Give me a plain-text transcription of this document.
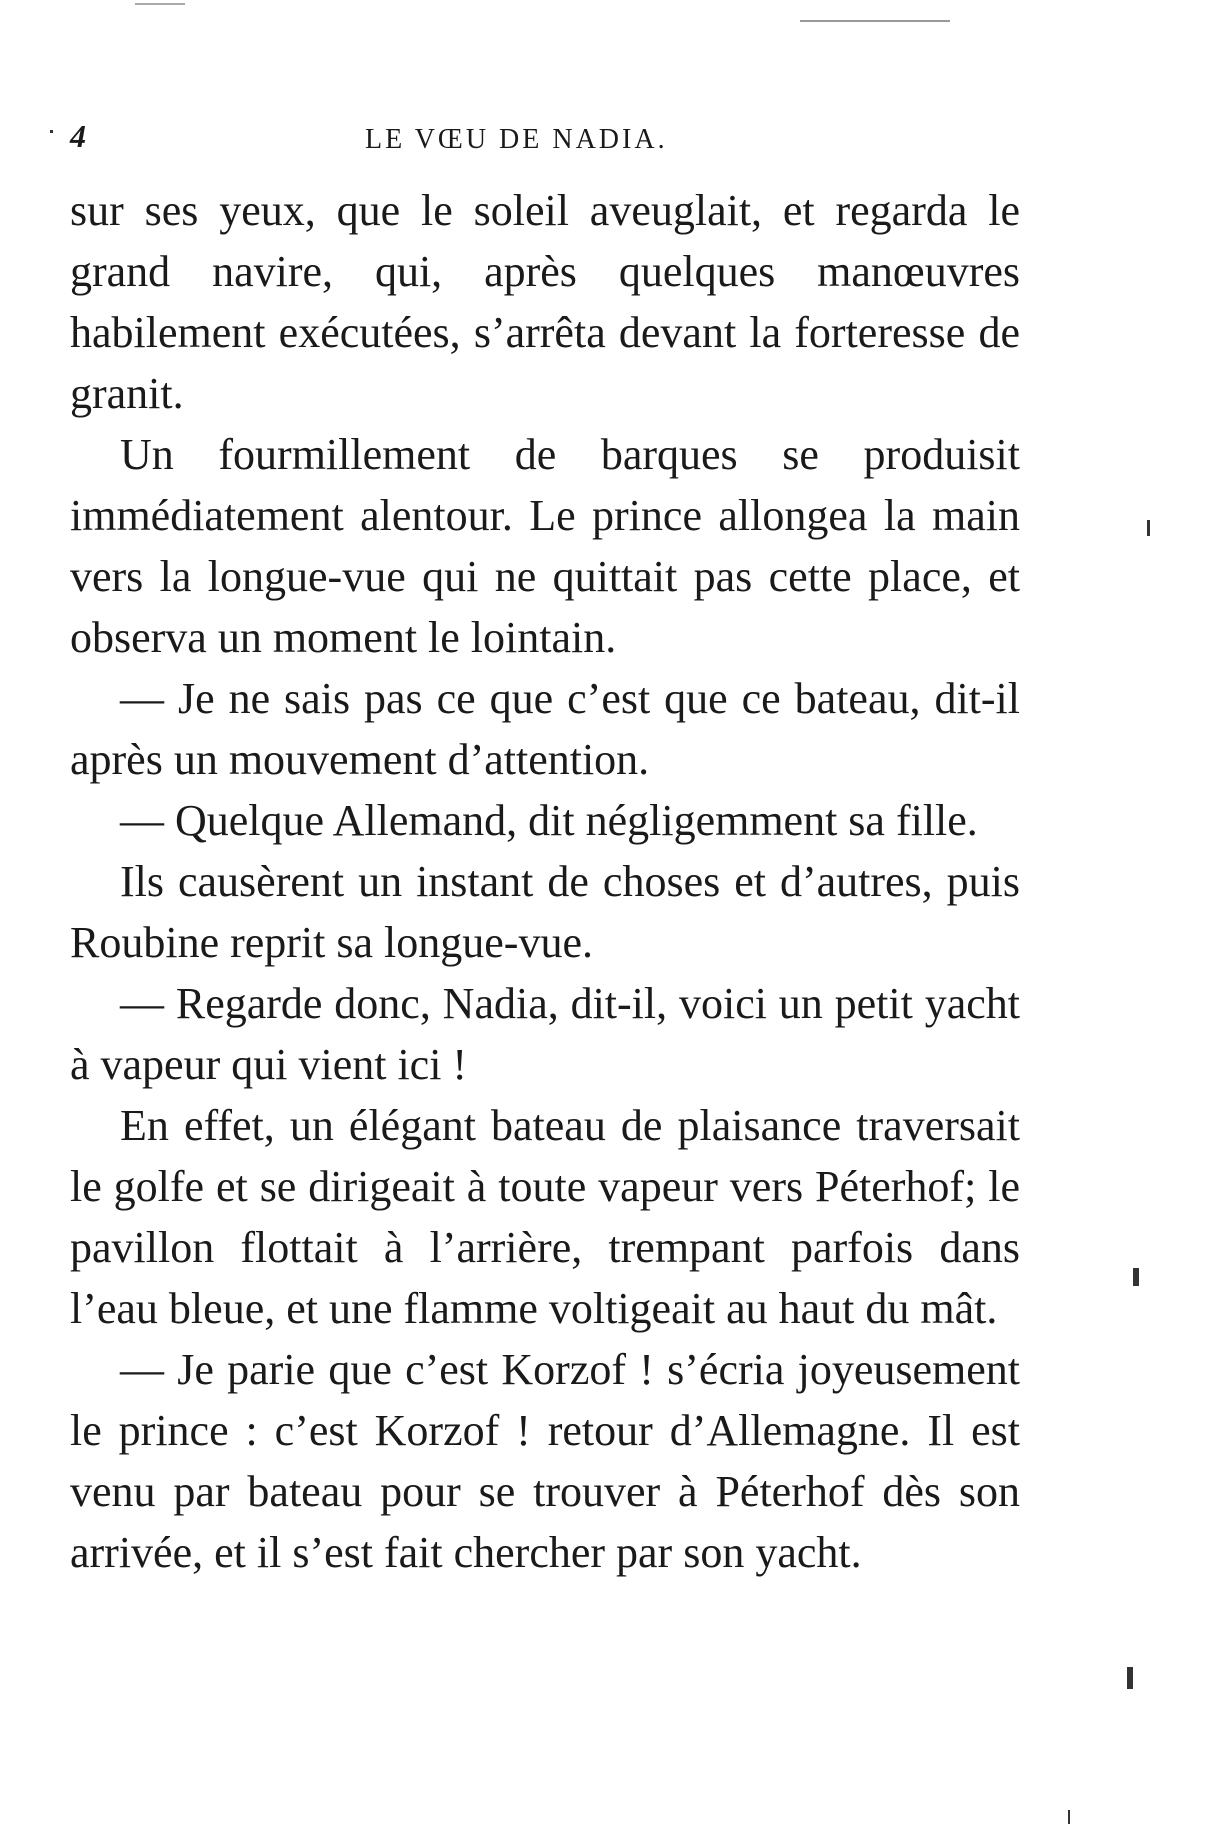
4	LE VŒU DE NADIA.

sur ses yeux, que le soleil aveuglait, et regarda le grand navire, qui, après quelques manœuvres habilement exécutées, s’arrêta devant la forteresse de granit.

Un fourmillement de barques se produisit immédiatement alentour. Le prince allongea la main vers la longue-vue qui ne quittait pas cette place, et observa un moment le lointain.

— Je ne sais pas ce que c’est que ce bateau, dit-il après un mouvement d’attention.

— Quelque Allemand, dit négligemment sa fille.

Ils causèrent un instant de choses et d’autres, puis Roubine reprit sa longue-vue.

— Regarde donc, Nadia, dit-il, voici un petit yacht à vapeur qui vient ici !

En effet, un élégant bateau de plaisance traversait le golfe et se dirigeait à toute vapeur vers Péterhof; le pavillon flottait à l’arrière, trempant parfois dans l’eau bleue, et une flamme voltigeait au haut du mât.

— Je parie que c’est Korzof ! s’écria joyeusement le prince : c’est Korzof ! retour d’Allemagne. Il est venu par bateau pour se trouver à Péterhof dès son arrivée, et il s’est fait chercher par son yacht.
